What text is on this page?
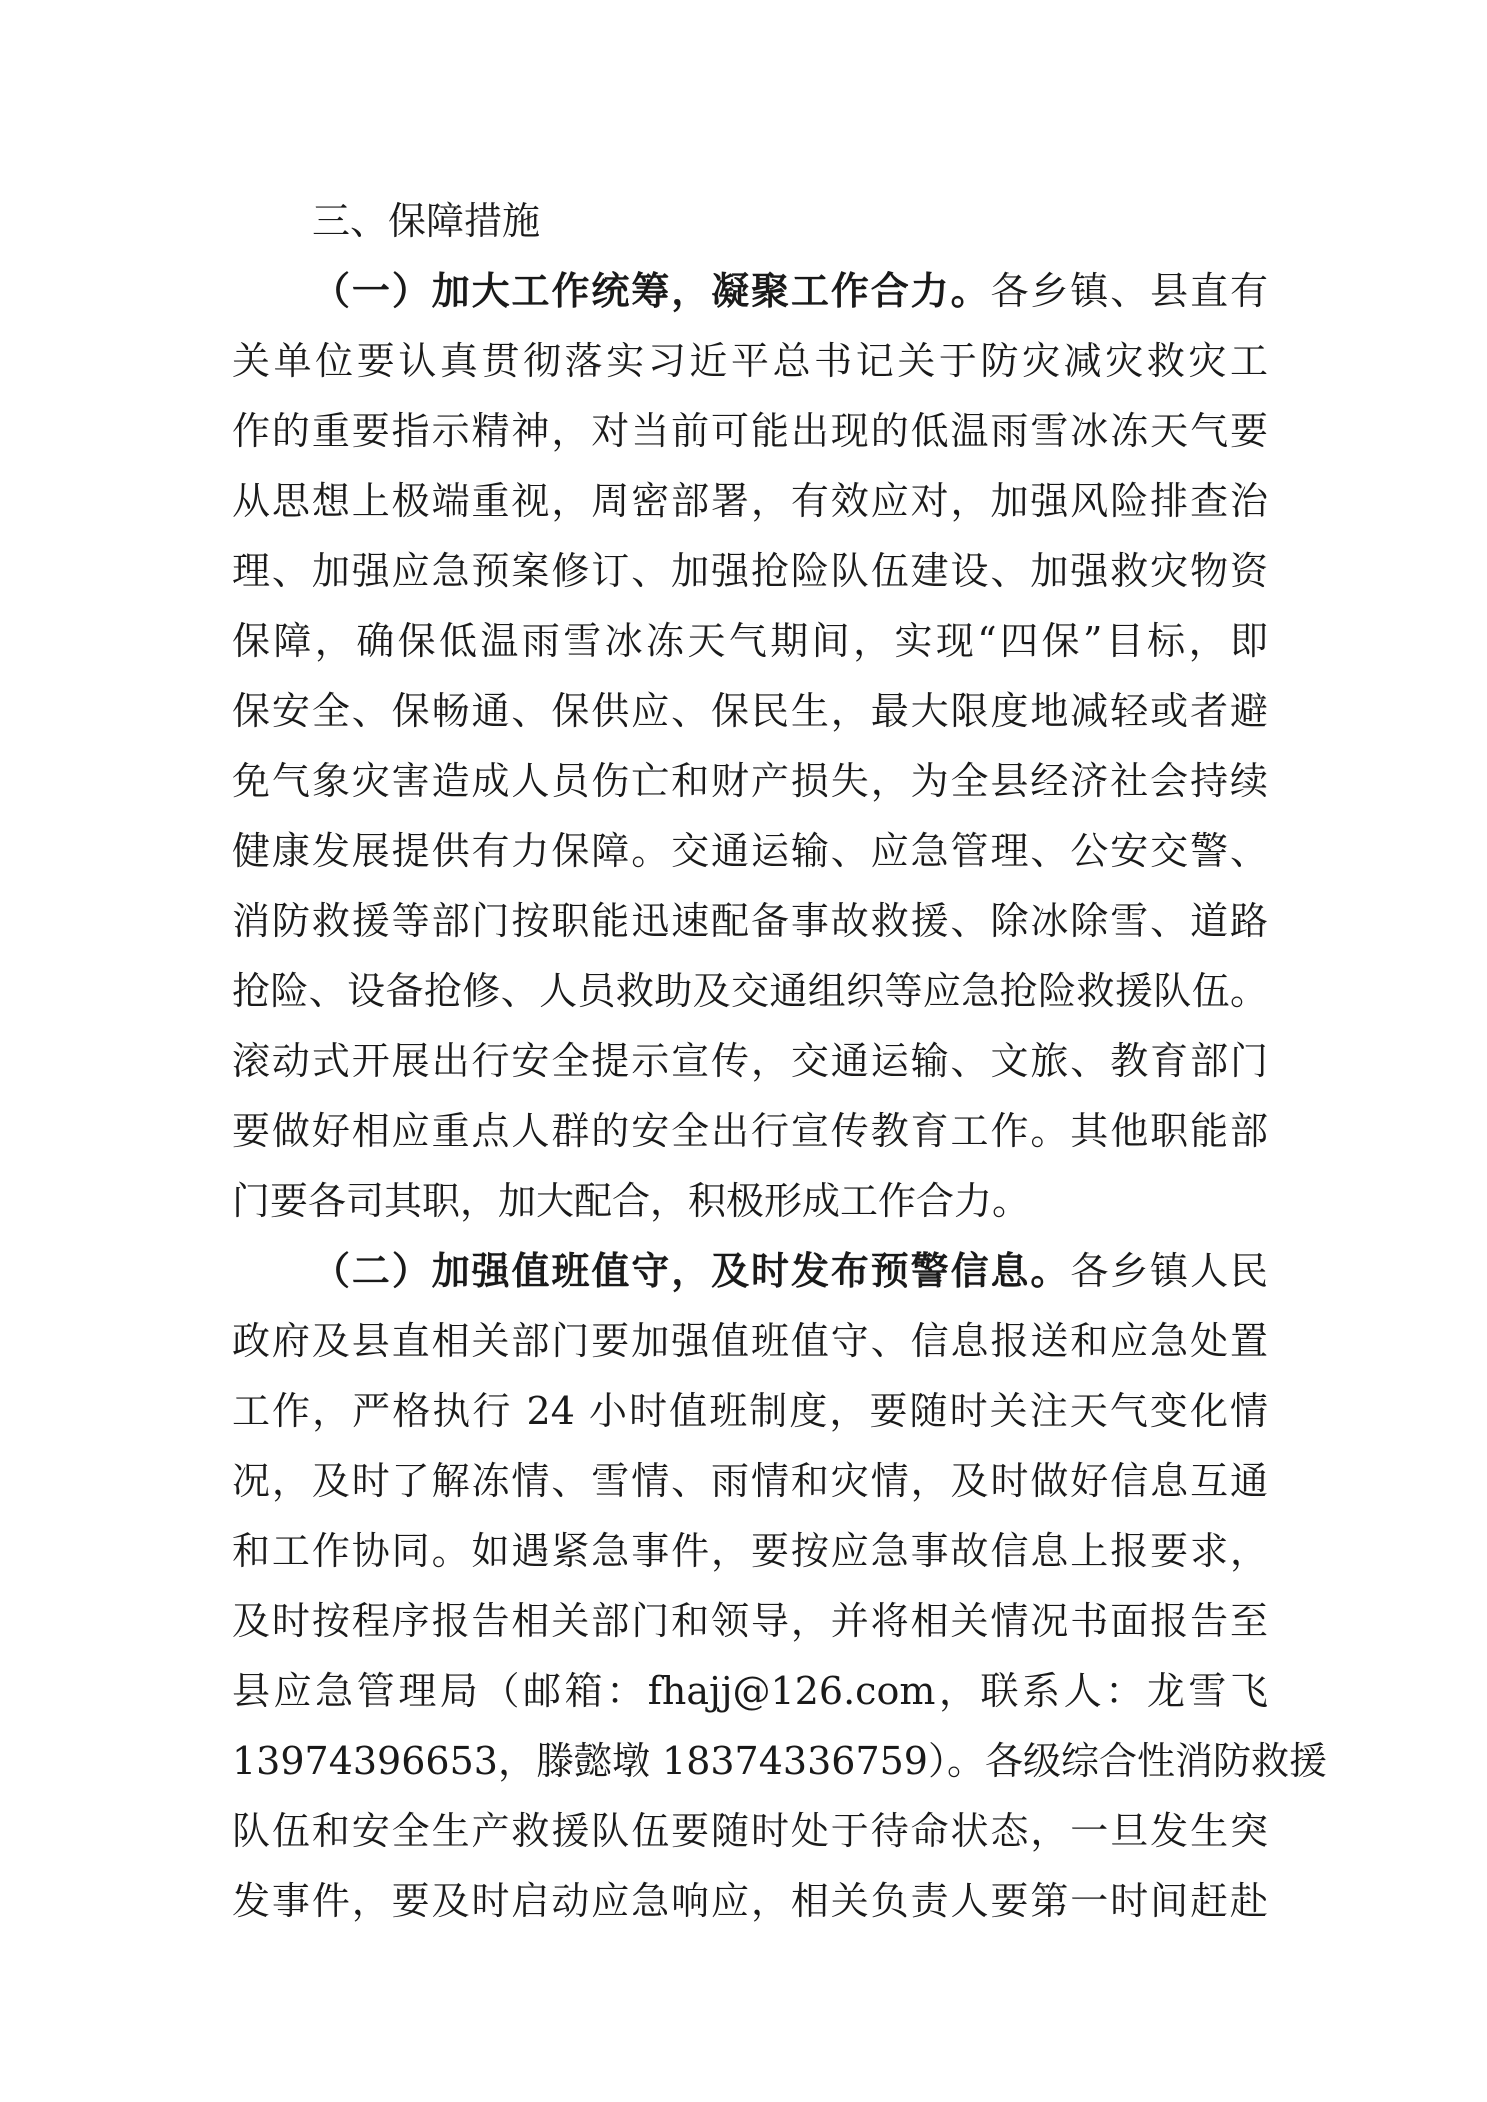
三、保障措施
（一）加大工作统筹，凝聚工作合力。各乡镇、县直有
关单位要认真贯彻落实习近平总书记关于防灾减灾救灾工
作的重要指示精神，对当前可能出现的低温雨雪冰冻天气要
从思想上极端重视，周密部署，有效应对，加强风险排查治
理、加强应急预案修订、加强抢险队伍建设、加强救灾物资
保障，确保低温雨雪冰冻天气期间，实现“四保”目标，即
保安全、保畅通、保供应、保民生，最大限度地减轻或者避
免气象灾害造成人员伤亡和财产损失，为全县经济社会持续
健康发展提供有力保障。交通运输、应急管理、公安交警、
消防救援等部门按职能迅速配备事故救援、除冰除雪、道路
抢险、设备抢修、人员救助及交通组织等应急抢险救援队伍。
滚动式开展出行安全提示宣传，交通运输、文旅、教育部门
要做好相应重点人群的安全出行宣传教育工作。其他职能部
门要各司其职，加大配合，积极形成工作合力。
（二）加强值班值守，及时发布预警信息。各乡镇人民
政府及县直相关部门要加强值班值守、信息报送和应急处置
工作，严格执行 24 小时值班制度，要随时关注天气变化情
况，及时了解冻情、雪情、雨情和灾情，及时做好信息互通
和工作协同。如遇紧急事件，要按应急事故信息上报要求，
及时按程序报告相关部门和领导，并将相关情况书面报告至
县应急管理局（邮箱：fhajj@126.com，联系人：龙雪飞
13974396653，滕懿墩 18374336759）。各级综合性消防救援
队伍和安全生产救援队伍要随时处于待命状态，一旦发生突
发事件，要及时启动应急响应，相关负责人要第一时间赶赴
